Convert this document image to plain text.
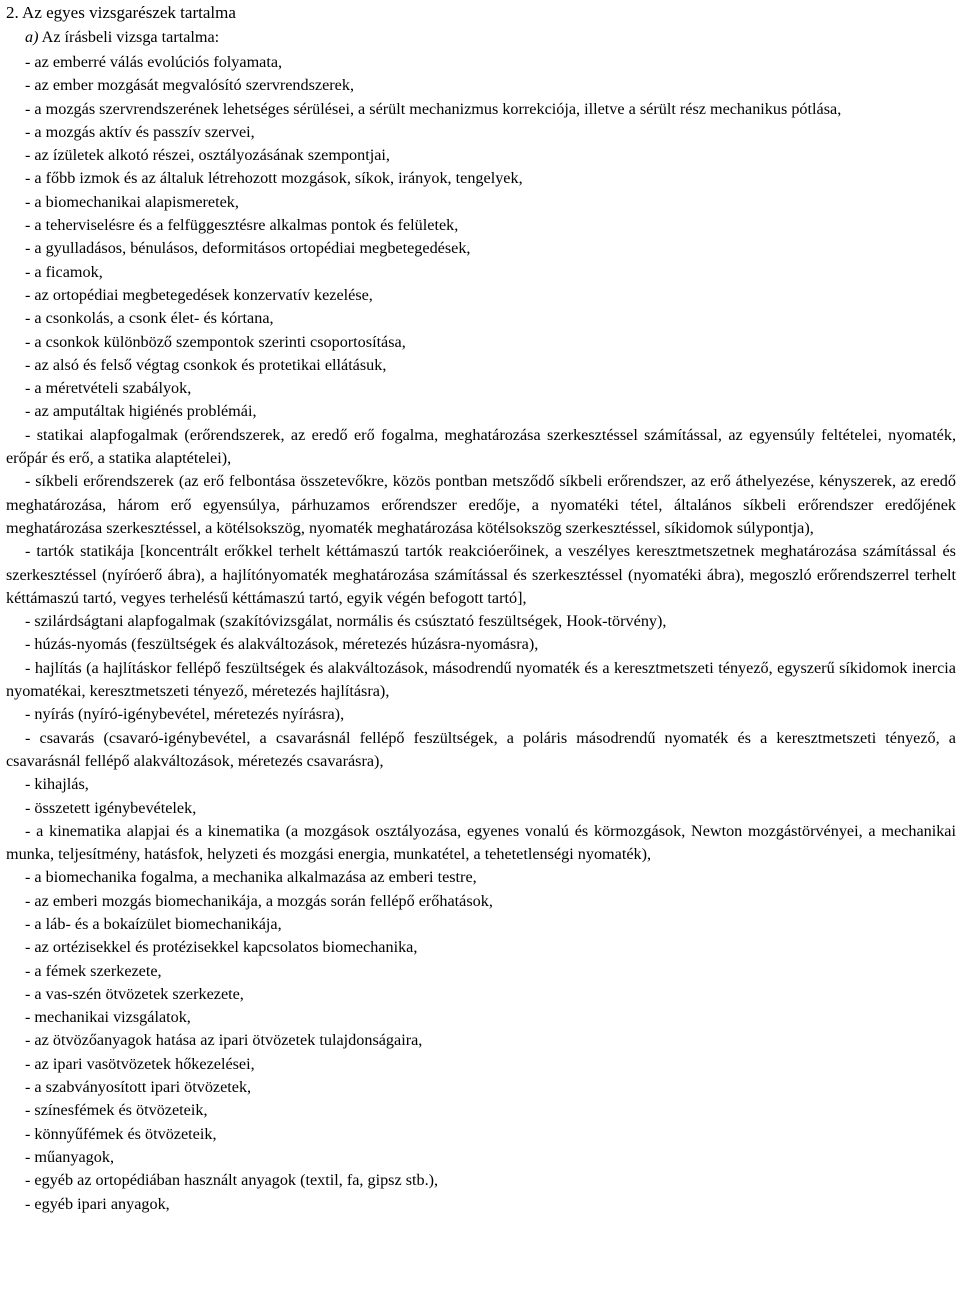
2. Az egyes vizsgarészek tartalma
a) Az írásbeli vizsga tartalma:
- az emberré válás evolúciós folyamata,
- az ember mozgását megvalósító szervrendszerek,
- a mozgás szervrendszerének lehetséges sérülései, a sérült mechanizmus korrekciója, illetve a sérült rész mechanikus pótlása,
- a mozgás aktív és passzív szervei,
- az ízületek alkotó részei, osztályozásának szempontjai,
- a főbb izmok és az általuk létrehozott mozgások, síkok, irányok, tengelyek,
- a biomechanikai alapismeretek,
- a teherviselésre és a felfüggesztésre alkalmas pontok és felületek,
- a gyulladásos, bénulásos, deformitásos ortopédiai megbetegedések,
- a ficamok,
- az ortopédiai megbetegedések konzervatív kezelése,
- a csonkolás, a csonk élet- és kórtana,
- a csonkok különböző szempontok szerinti csoportosítása,
- az alsó és felső végtag csonkok és protetikai ellátásuk,
- a méretvételi szabályok,
- az amputáltak higiénés problémái,
- statikai alapfogalmak (erőrendszerek, az eredő erő fogalma, meghatározása szerkesztéssel számítással, az egyensúly feltételei, nyomaték, erőpár és erő, a statika alaptételei),
- síkbeli erőrendszerek (az erő felbontása összetevőkre, közös pontban metsződő síkbeli erőrendszer, az erő áthelyezése, kényszerek, az eredő meghatározása, három erő egyensúlya, párhuzamos erőrendszer eredője, a nyomatéki tétel, általános síkbeli erőrendszer eredőjének meghatározása szerkesztéssel, a kötélsokszög, nyomaték meghatározása kötélsokszög szerkesztéssel, síkidomok súlypontja),
- tartók statikája [koncentrált erőkkel terhelt kéttámaszú tartók reakcióerőinek, a veszélyes keresztmetszetnek meghatározása számítással és szerkesztéssel (nyíróerő ábra), a hajlítónyomaték meghatározása számítással és szerkesztéssel (nyomatéki ábra), megoszló erőrendszerrel terhelt kéttámaszú tartó, vegyes terhelésű kéttámaszú tartó, egyik végén befogott tartó],
- szilárdságtani alapfogalmak (szakítóvizsgálat, normális és csúsztató feszültségek, Hook-törvény),
- húzás-nyomás (feszültségek és alakváltozások, méretezés húzásra-nyomásra),
- hajlítás (a hajlításkor fellépő feszültségek és alakváltozások, másodrendű nyomaték és a keresztmetszeti tényező, egyszerű síkidomok inercia nyomatékai, keresztmetszeti tényező, méretezés hajlításra),
- nyírás (nyíró-igénybevétel, méretezés nyírásra),
- csavarás (csavaró-igénybevétel, a csavarásnál fellépő feszültségek, a poláris másodrendű nyomaték és a keresztmetszeti tényező, a csavarásnál fellépő alakváltozások, méretezés csavarásra),
- kihajlás,
- összetett igénybevételek,
- a kinematika alapjai és a kinematika (a mozgások osztályozása, egyenes vonalú és körmozgások, Newton mozgástörvényei, a mechanikai munka, teljesítmény, hatásfok, helyzeti és mozgási energia, munkatétel, a tehetetlenségi nyomaték),
- a biomechanika fogalma, a mechanika alkalmazása az emberi testre,
- az emberi mozgás biomechanikája, a mozgás során fellépő erőhatások,
- a láb- és a bokaízület biomechanikája,
- az ortézisekkel és protézisekkel kapcsolatos biomechanika,
- a fémek szerkezete,
- a vas-szén ötvözetek szerkezete,
- mechanikai vizsgálatok,
- az ötvözőanyagok hatása az ipari ötvözetek tulajdonságaira,
- az ipari vasötvözetek hőkezelései,
- a szabványosított ipari ötvözetek,
- színesfémek és ötvözeteik,
- könnyűfémek és ötvözeteik,
- műanyagok,
- egyéb az ortopédiában használt anyagok (textil, fa, gipsz stb.),
- egyéb ipari anyagok,
